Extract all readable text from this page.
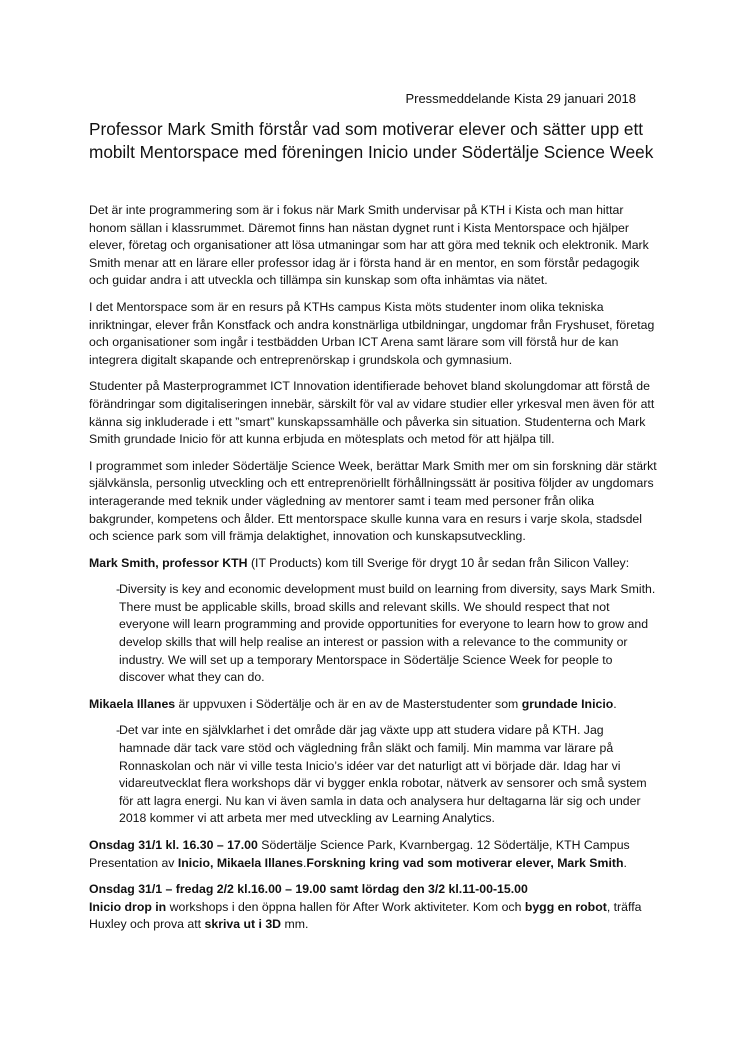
Pressmeddelande Kista 29 januari 2018
Professor Mark Smith förstår vad som motiverar elever och sätter upp ett mobilt Mentorspace med föreningen Inicio under Södertälje Science Week

Det är inte programmering som är i fokus när Mark Smith undervisar på KTH i Kista och man hittar honom sällan i klassrummet. Däremot finns han nästan dygnet runt i Kista Mentorspace och hjälper elever, företag och organisationer att lösa utmaningar som har att göra med teknik och elektronik. Mark Smith menar att en lärare eller professor idag är i första hand är en mentor, en som förstår pedagogik och guidar andra i att utveckla och tillämpa sin kunskap som ofta inhämtas via nätet.

I det Mentorspace som är en resurs på KTHs campus Kista möts studenter inom olika tekniska inriktningar, elever från Konstfack och andra konstnärliga utbildningar, ungdomar från Fryshuset, företag och organisationer som ingår i testbädden Urban ICT Arena samt lärare som vill förstå hur de kan integrera digitalt skapande och entreprenörskap i grundskola och gymnasium.

Studenter på Masterprogrammet ICT Innovation identifierade behovet bland skolungdomar att förstå de förändringar som digitaliseringen innebär, särskilt för val av vidare studier eller yrkesval men även för att känna sig inkluderade i ett ”smart” kunskapssamhälle och påverka sin situation. Studenterna och Mark Smith grundade Inicio för att kunna erbjuda en mötesplats och metod för att hjälpa till.

I programmet som inleder Södertälje Science Week, berättar Mark Smith mer om sin forskning där stärkt självkänsla, personlig utveckling och ett entreprenöriellt förhållningssätt är positiva följder av ungdomars interagerande med teknik under vägledning av mentorer samt i team med personer från olika bakgrunder, kompetens och ålder. Ett mentorspace skulle kunna vara en resurs i varje skola, stadsdel och science park som vill främja delaktighet, innovation och kunskapsutveckling.

Mark Smith, professor KTH (IT Products) kom till Sverige för drygt 10 år sedan från Silicon Valley:

-
Diversity is key and economic development must build on learning from diversity, says Mark Smith. There must be applicable skills, broad skills and relevant skills. We should respect that not everyone will learn programming and provide opportunities for everyone to learn how to grow and develop skills that will help realise an interest or passion with a relevance to the community or industry. We will set up a temporary Mentorspace in Södertälje Science Week for people to discover what they can do.

Mikaela Illanes är uppvuxen i Södertälje och är en av de Masterstudenter som grundade Inicio.

-
Det var inte en självklarhet i det område där jag växte upp att studera vidare på KTH. Jag hamnade där tack vare stöd och vägledning från släkt och familj. Min mamma var lärare på Ronnaskolan och när vi ville testa Inicio’s idéer var det naturligt att vi började där. Idag har vi vidareutvecklat flera workshops där vi bygger enkla robotar, nätverk av sensorer och små system för att lagra energi. Nu kan vi även samla in data och analysera hur deltagarna lär sig och under 2018 kommer vi att arbeta mer med utveckling av Learning Analytics.

Onsdag 31/1 kl. 16.30 – 17.00 Södertälje Science Park, Kvarnbergag. 12 Södertälje, KTH Campus Presentation av Inicio, Mikaela Illanes.Forskning kring vad som motiverar elever, Mark Smith.

Onsdag 31/1 – fredag 2/2 kl.16.00 – 19.00 samt lördag den 3/2 kl.11-00-15.00
Inicio drop in workshops i den öppna hallen för After Work aktiviteter. Kom och bygg en robot, träffa Huxley och prova att skriva ut i 3D mm.
